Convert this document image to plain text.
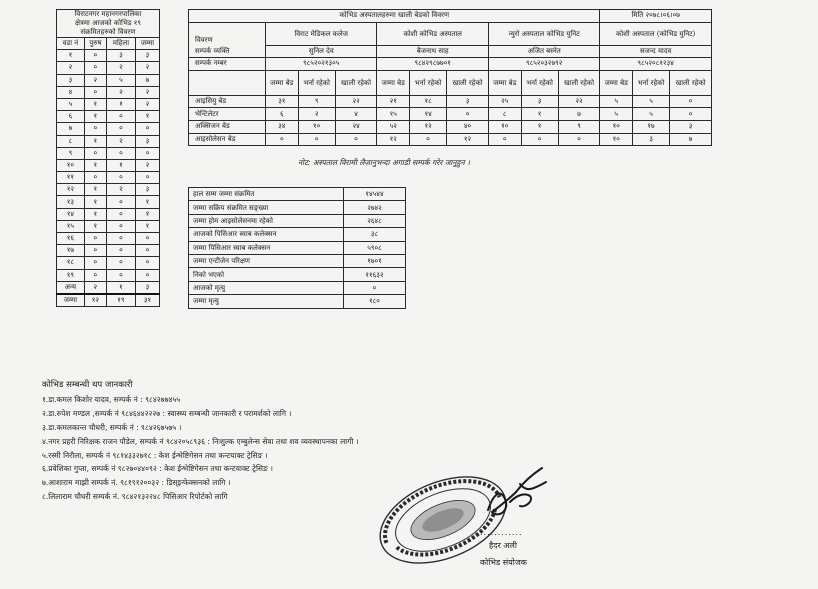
विराटनगर महानगरपालिका
क्षेत्रमा आजको कोभिड १९
संक्रमितहरुको विवरण			

वडा नं	पुरुष	महिला	जम्मा
१	०	३	३
२	०	२	२
३	२	५	७
४	०	२	२
५	१	१	२
६	१	०	१
७	०	०	०
८	१	२	३
९	०	०	०
१०	१	१	२
११	०	०	०
१२	१	२	३
१३	१	०	१
१४	१	०	१
१५	१	०	१
१६	०	०	०
१७	०	०	०
१८	०	०	०
१९	०	०	०
अन्य	२	१	३
जम्मा	१२	१९	३१
कोभिड अस्पतालहरुमा खाली बेडको विवरण										मिति २०७८।०६।०७		

विवरण
सम्पर्क व्यक्ति	विराट मेडिकल कलेज			कोशी कोभिड अस्पताल			न्युरो अस्पताल कोभिड युनिट			कोशी अस्पताल (कोभिड युनिट)		
	सुनिल देव			बैजनाथ साह			अजित बस्नेत			सजन्द यादव		
सम्पर्क नम्बर	९८५२०२१३०५			९८४२९८७७०१			९८५२०३२७९२			९८५२०८१२३४		
	जम्मा बेड	भर्ना रहेको	खाली रहेको	जम्मा बेड	भर्ना रहेको	खाली रहेको	जम्मा बेड	भर्ना रहेको	खाली रहेको	जम्मा बेड	भर्ना रहेको	खाली रहेको
आइसियु बेड	३१	९	२२	२१	१८	३	२५	३	२२	५	५	०
भेन्टिलेटर	६	२	४	१५	१४	०	८	१	७	५	५	०
अक्सिजन बेड	३४	१०	२४	५२	१२	४०	१०	१	९	१०	१७	३
आइसोलेसन बेड	०	०	०	१२	०	१२	०	०	०	१०	३	७
नोट: अस्पताल विरामी लैजानुभन्दा अगाडी सम्पर्क गरेर जानुहुन ।
हाल सम्म जम्मा संक्रमित	१४५४४
जम्मा सक्रिय संक्रमित सङ्ख्या	२७४२
जम्मा होम आइसोलेसनमा रहेको	२६४८
आजको पिसिआर स्वाब कलेक्सन	३८
जम्मा पिसिआर स्वाब कलेक्सन	५९०८
जम्मा एन्टीजेन परिक्षण	१७०१
निको भएको	११६३२
आजको मृत्यु	०
जम्मा मृत्यु	१८०
कोभिड सम्बन्धी थप जानकारी
१.डा.कमल किशोर यादव, सम्पर्क नं : ९८४२७७४५५
२.डा.रुपेश मण्डल ,सम्पर्क नं ९८४६४४२२२७ : स्वास्थ्य सम्बन्धी जानकारी र परामर्शको लागि ।
३.डा.कमलकान्त चौधरी, सम्पर्क नं : ९८४२६७५७५ ।
४.नगर प्रहरी निरिक्षक राजन पौडेल, सम्पर्क नं ९८४२०५८९३६ : निःशुल्क एम्बुलेन्स सेवा तथा शव व्यवस्थापनका लागी ।
५.रस्मी निरौला, सम्पर्क नं ९८१४३३२७१८ : केश ईन्भेष्टिगेसन तथा कन्टयाक्ट ट्रेसिङ ।
६.प्रवेशिका गुप्ता, सम्पर्क नं ९८२७०४४०९२ : केश ईन्भेष्टिगेसन तथा कन्टयाक्ट ट्रेसिङ ।
७.आशाराम माझी सम्पर्क नं. ९८१९१२००३२ : डिस्इन्फेक्सनको लागि ।
८.लिलाराम चौधरी सम्पर्क नं. ९८४२१३२२४८ पिसिआर रिपोर्टको लागि
............
हैदर अली
कोभिड संयोजक
